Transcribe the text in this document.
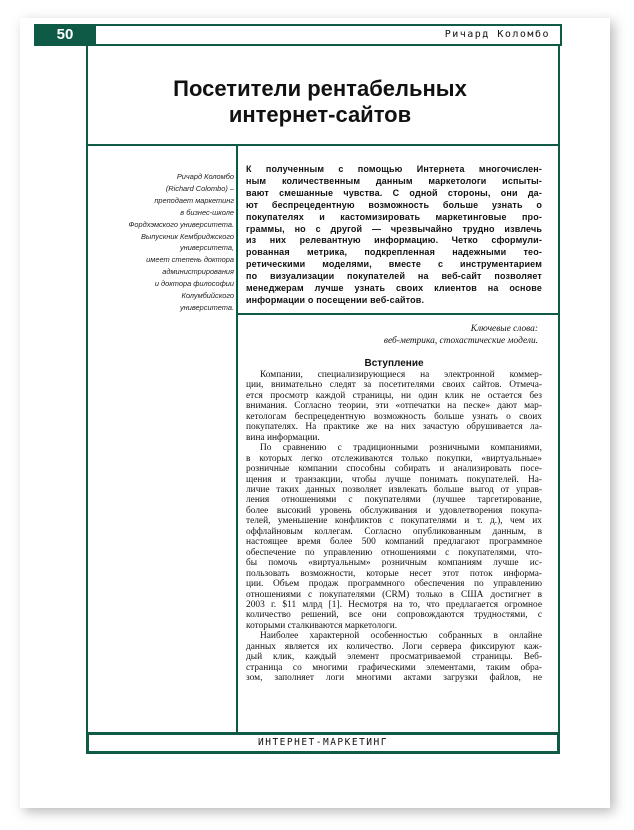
50	Ричард Коломбо
Посетители рентабельных
интернет-сайтов
Ричард Коломбо
(Richard Colombo) –
преподает маркетинг
в бизнес-школе
Фордхэмского университета.
Выпускник Кембриджского
университета,
имеет степень доктора
администрирования
и доктора философии
Колумбийского
университета.
К полученным с помощью Интернета многочислен-
ным количественным данным маркетологи испыты-
вают смешанные чувства. С одной стороны, они да-
ют беспрецедентную возможность больше узнать о
покупателях и кастомизировать маркетинговые про-
граммы, но с другой — чрезвычайно трудно извлечь
из них релевантную информацию. Четко сформули-
рованная метрика, подкрепленная надежными тео-
ретическими моделями, вместе с инструментарием
по визуализации покупателей на веб-сайт позволяет
менеджерам лучше узнать своих клиентов на основе
информации о посещении веб-сайтов.
Ключевые слова:
веб-метрика, стохастические модели.
Вступление
Компании, специализирующиеся на электронной коммер-
ции, внимательно следят за посетителями своих сайтов. Отмеча-
ется просмотр каждой страницы, ни один клик не остается без
внимания. Согласно теории, эти «отпечатки на песке» дают мар-
кетологам беспрецедентную возможность больше узнать о своих
покупателях. На практике же на них зачастую обрушивается ла-
вина информации.
По сравнению с традиционными розничными компаниями,
в которых легко отслеживаются только покупки, «виртуальные»
розничные компании способны собирать и анализировать посе-
щения и транзакции, чтобы лучше понимать покупателей. На-
личие таких данных позволяет извлекать больше выгод от управ-
ления отношениями с покупателями (лучшее таргетирование,
более высокий уровень обслуживания и удовлетворения покупа-
телей, уменьшение конфликтов с покупателями и т. д.), чем их
оффлайновым коллегам. Согласно опубликованным данным, в
настоящее время более 500 компаний предлагают программное
обеспечение по управлению отношениями с покупателями, что-
бы помочь «виртуальным» розничным компаниям лучше ис-
пользовать возможности, которые несет этот поток информа-
ции. Объем продаж программного обеспечения по управлению
отношениями с покупателями (CRM) только в США достигнет в
2003 г. $11 млрд [1]. Несмотря на то, что предлагается огромное
количество решений, все они сопровождаются трудностями, с
которыми сталкиваются маркетологи.
Наиболее характерной особенностью собранных в онлайне
данных является их количество. Логи сервера фиксируют каж-
дый клик, каждый элемент просматриваемой страницы. Веб-
страница со многими графическими элементами, таким обра-
зом, заполняет логи многими актами загрузки файлов, не
ИНТЕРНЕТ-МАРКЕТИНГ
